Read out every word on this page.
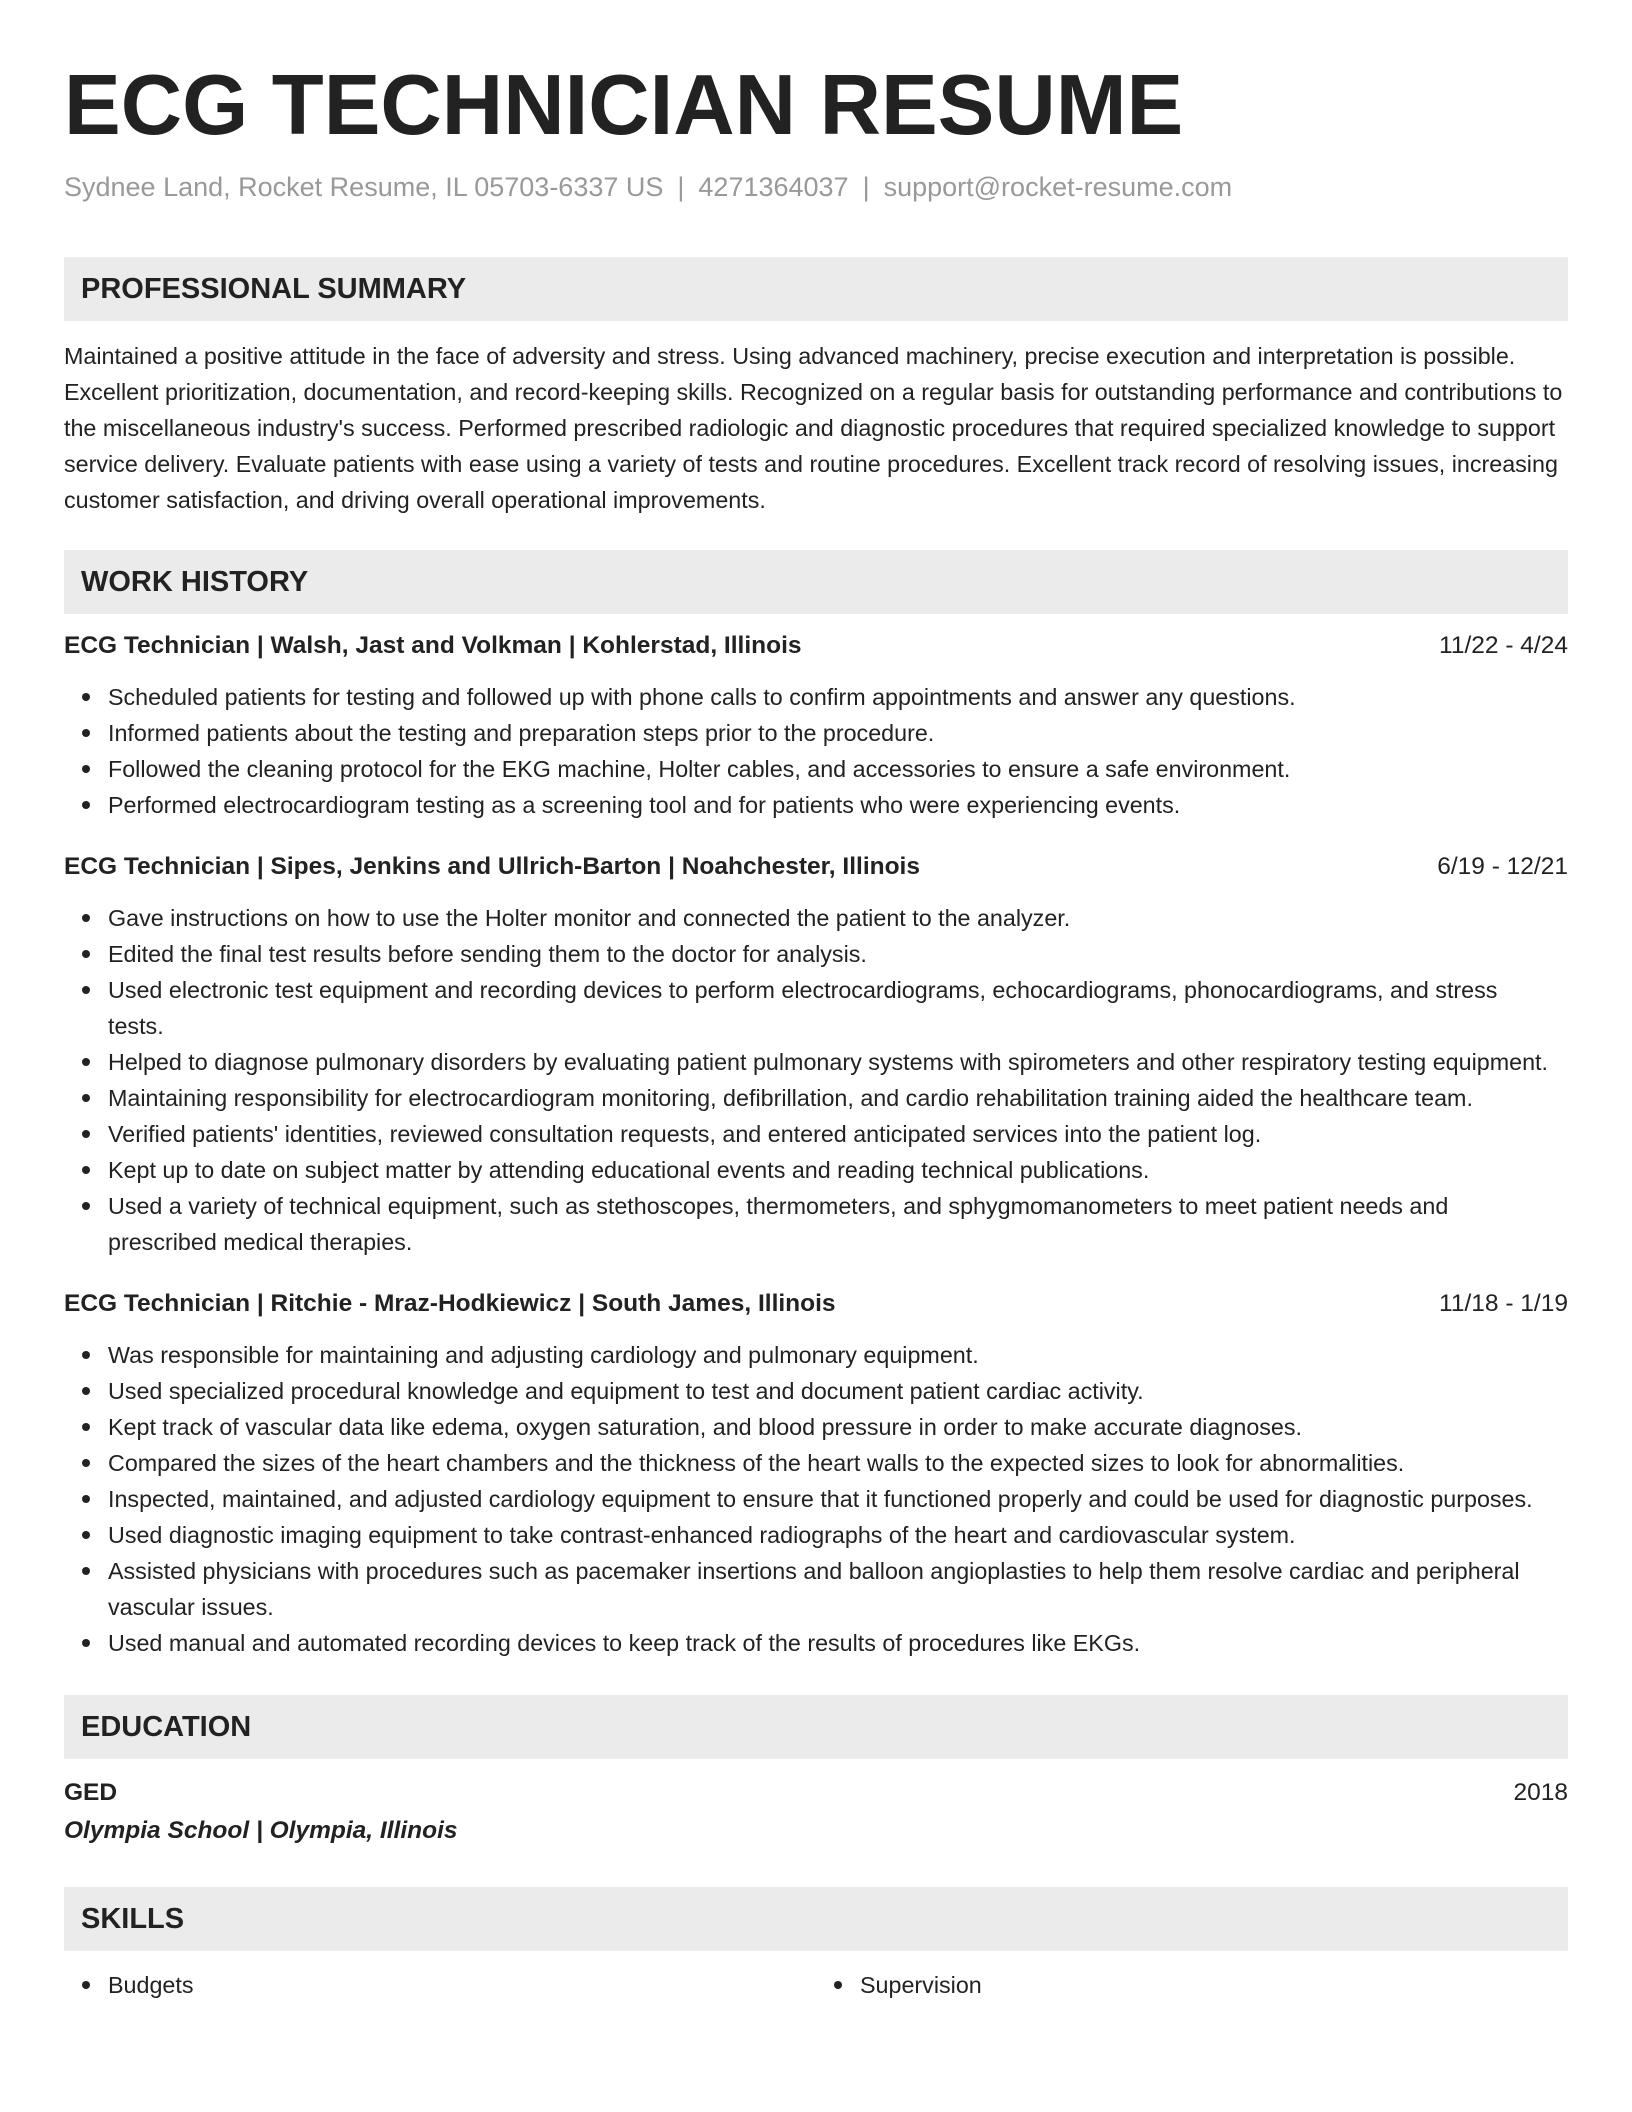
ECG TECHNICIAN RESUME
Sydnee Land, Rocket Resume, IL 05703-6337 US | 4271364037 | support@rocket-resume.com
PROFESSIONAL SUMMARY
Maintained a positive attitude in the face of adversity and stress. Using advanced machinery, precise execution and interpretation is possible. Excellent prioritization, documentation, and record-keeping skills. Recognized on a regular basis for outstanding performance and contributions to the miscellaneous industry's success. Performed prescribed radiologic and diagnostic procedures that required specialized knowledge to support service delivery. Evaluate patients with ease using a variety of tests and routine procedures. Excellent track record of resolving issues, increasing customer satisfaction, and driving overall operational improvements.
WORK HISTORY
ECG Technician | Walsh, Jast and Volkman | Kohlerstad, Illinois	11/22 - 4/24
Scheduled patients for testing and followed up with phone calls to confirm appointments and answer any questions.
Informed patients about the testing and preparation steps prior to the procedure.
Followed the cleaning protocol for the EKG machine, Holter cables, and accessories to ensure a safe environment.
Performed electrocardiogram testing as a screening tool and for patients who were experiencing events.
ECG Technician | Sipes, Jenkins and Ullrich-Barton | Noahchester, Illinois	6/19 - 12/21
Gave instructions on how to use the Holter monitor and connected the patient to the analyzer.
Edited the final test results before sending them to the doctor for analysis.
Used electronic test equipment and recording devices to perform electrocardiograms, echocardiograms, phonocardiograms, and stress tests.
Helped to diagnose pulmonary disorders by evaluating patient pulmonary systems with spirometers and other respiratory testing equipment.
Maintaining responsibility for electrocardiogram monitoring, defibrillation, and cardio rehabilitation training aided the healthcare team.
Verified patients' identities, reviewed consultation requests, and entered anticipated services into the patient log.
Kept up to date on subject matter by attending educational events and reading technical publications.
Used a variety of technical equipment, such as stethoscopes, thermometers, and sphygmomanometers to meet patient needs and prescribed medical therapies.
ECG Technician | Ritchie - Mraz-Hodkiewicz | South James, Illinois	11/18 - 1/19
Was responsible for maintaining and adjusting cardiology and pulmonary equipment.
Used specialized procedural knowledge and equipment to test and document patient cardiac activity.
Kept track of vascular data like edema, oxygen saturation, and blood pressure in order to make accurate diagnoses.
Compared the sizes of the heart chambers and the thickness of the heart walls to the expected sizes to look for abnormalities.
Inspected, maintained, and adjusted cardiology equipment to ensure that it functioned properly and could be used for diagnostic purposes.
Used diagnostic imaging equipment to take contrast-enhanced radiographs of the heart and cardiovascular system.
Assisted physicians with procedures such as pacemaker insertions and balloon angioplasties to help them resolve cardiac and peripheral vascular issues.
Used manual and automated recording devices to keep track of the results of procedures like EKGs.
EDUCATION
GED	2018
Olympia School | Olympia, Illinois
SKILLS
Budgets	Supervision
